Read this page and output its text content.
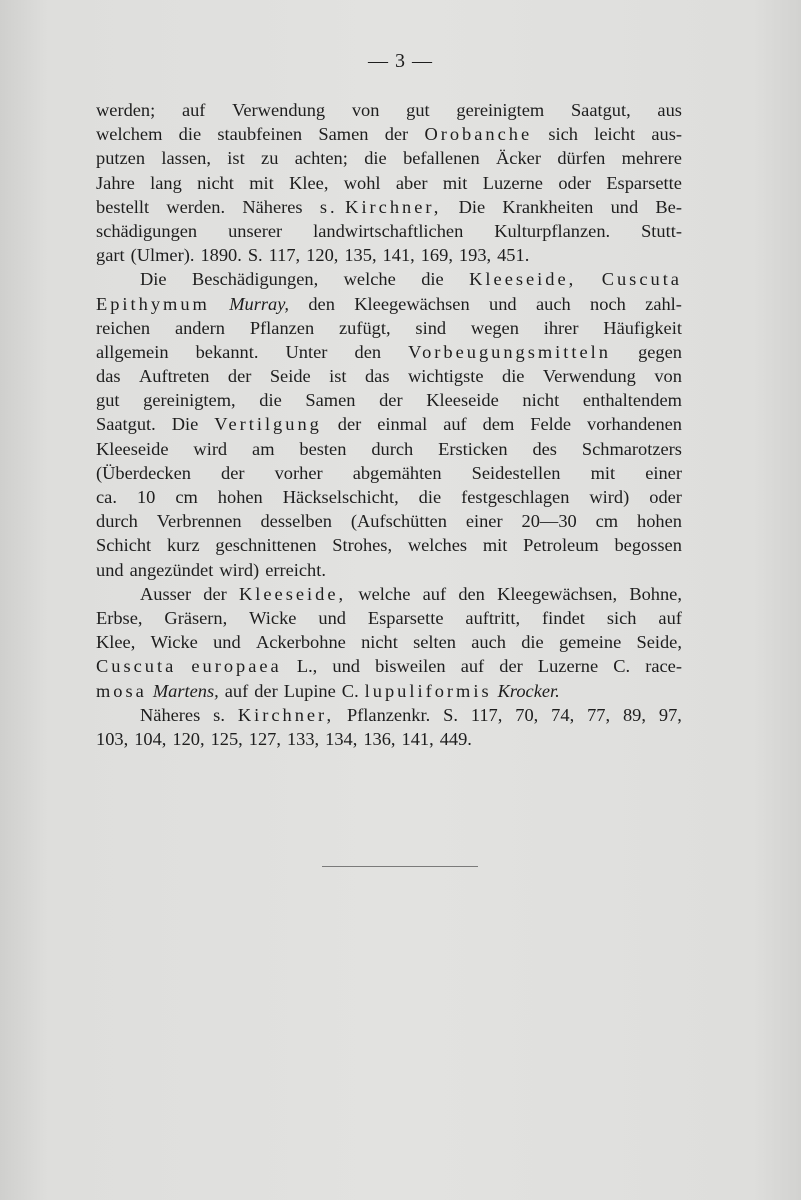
— 3 —
werden; auf Verwendung von gut gereinigtem Saatgut, aus
welchem die staubfeinen Samen der Orobanche sich leicht aus-
putzen lassen, ist zu achten; die befallenen Äcker dürfen mehrere
Jahre lang nicht mit Klee, wohl aber mit Luzerne oder Esparsette
bestellt werden. Näheres s. Kirchner, Die Krankheiten und Be-
schädigungen unserer landwirtschaftlichen Kulturpflanzen. Stutt-
gart (Ulmer). 1890. S. 117, 120, 135, 141, 169, 193, 451.
Die Beschädigungen, welche die Kleeseide, Cuscuta
Epithymum Murray, den Kleegewächsen und auch noch zahl-
reichen andern Pflanzen zufügt, sind wegen ihrer Häufigkeit
allgemein bekannt. Unter den Vorbeugungsmitteln gegen
das Auftreten der Seide ist das wichtigste die Verwendung von
gut gereinigtem, die Samen der Kleeseide nicht enthaltendem
Saatgut. Die Vertilgung der einmal auf dem Felde vorhandenen
Kleeseide wird am besten durch Ersticken des Schmarotzers
(Überdecken der vorher abgemähten Seidestellen mit einer
ca. 10 cm hohen Häckselschicht, die festgeschlagen wird) oder
durch Verbrennen desselben (Aufschütten einer 20—30 cm hohen
Schicht kurz geschnittenen Strohes, welches mit Petroleum begossen
und angezündet wird) erreicht.
Ausser der Kleeseide, welche auf den Kleegewächsen, Bohne,
Erbse, Gräsern, Wicke und Esparsette auftritt, findet sich auf
Klee, Wicke und Ackerbohne nicht selten auch die gemeine Seide,
Cuscuta europaea L., und bisweilen auf der Luzerne C. race-
mosa Martens, auf der Lupine C. lupuliformis Krocker.
Näheres s. Kirchner, Pflanzenkr. S. 117, 70, 74, 77, 89, 97,
103, 104, 120, 125, 127, 133, 134, 136, 141, 449.
